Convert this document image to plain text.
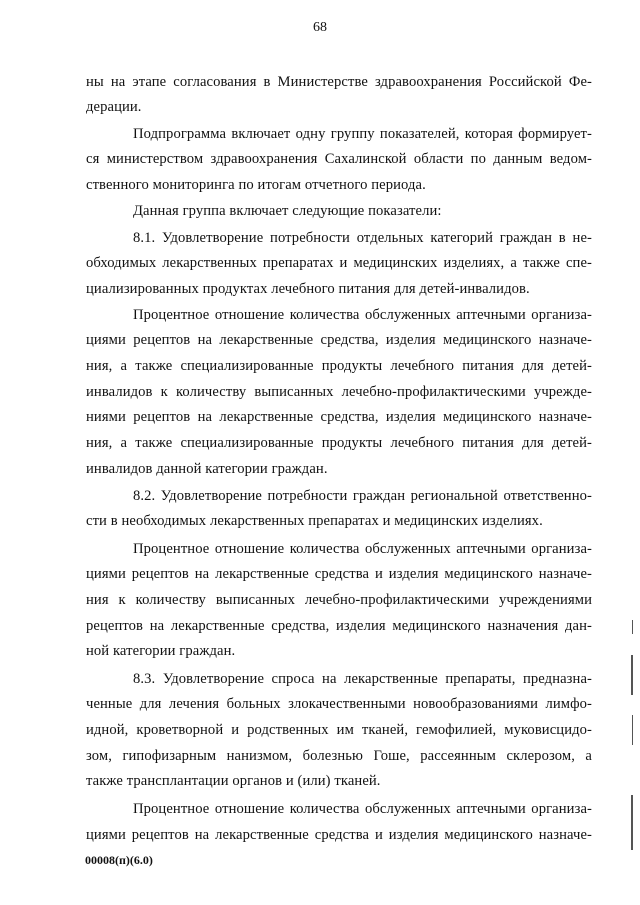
68
ны на этапе согласования в Министерстве здравоохранения Российской Фе-
дерации.
Подпрограмма включает одну группу показателей, которая формирует-
ся министерством здравоохранения Сахалинской области по данным ведом-
ственного мониторинга по итогам отчетного периода.
Данная группа включает следующие показатели:
8.1. Удовлетворение потребности отдельных категорий граждан в не-
обходимых лекарственных препаратах и медицинских изделиях, а также спе-
циализированных продуктах лечебного питания для детей-инвалидов.
Процентное отношение количества обслуженных аптечными организа-
циями рецептов на лекарственные средства, изделия медицинского назначе-
ния, а также специализированные продукты лечебного питания для детей-
инвалидов к количеству выписанных лечебно-профилактическими учрежде-
ниями рецептов на лекарственные средства, изделия медицинского назначе-
ния, а также специализированные продукты лечебного питания для детей-
инвалидов данной категории граждан.
8.2. Удовлетворение потребности граждан региональной ответственно-
сти в необходимых лекарственных препаратах и медицинских изделиях.
Процентное отношение количества обслуженных аптечными организа-
циями рецептов на лекарственные средства и изделия медицинского назначе-
ния к количеству выписанных лечебно-профилактическими учреждениями
рецептов на лекарственные средства, изделия медицинского назначения дан-
ной категории граждан.
8.3. Удовлетворение спроса на лекарственные препараты, предназна-
ченные для лечения больных злокачественными новообразованиями лимфо-
идной, кроветворной и родственных им тканей, гемофилией, муковисцидо-
зом, гипофизарным нанизмом, болезнью Гоше, рассеянным склерозом, а
также трансплантации органов и (или) тканей.
Процентное отношение количества обслуженных аптечными организа-
циями рецептов на лекарственные средства и изделия медицинского назначе-
00008(п)(6.0)
